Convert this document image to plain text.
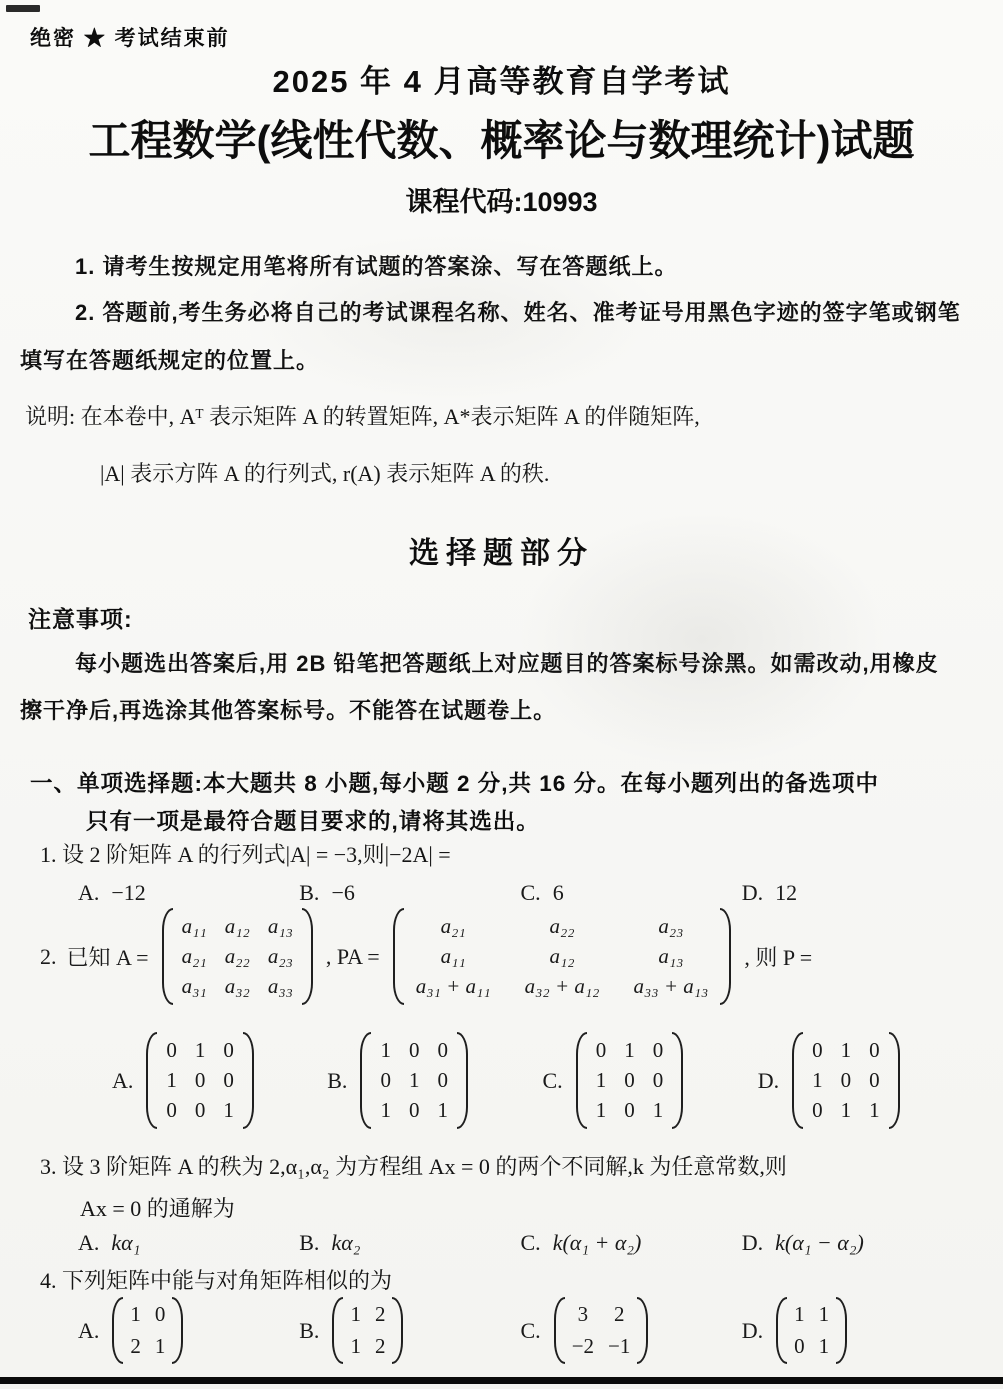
绝密 ★ 考试结束前
2025 年 4 月高等教育自学考试
工程数学(线性代数、概率论与数理统计)试题
课程代码:10993
1. 请考生按规定用笔将所有试题的答案涂、写在答题纸上。
2. 答题前,考生务必将自己的考试课程名称、姓名、准考证号用黑色字迹的签字笔或钢笔
填写在答题纸规定的位置上。
说明: 在本卷中, Aᵀ 表示矩阵 A 的转置矩阵, A*表示矩阵 A 的伴随矩阵,
|A| 表示方阵 A 的行列式, r(A) 表示矩阵 A 的秩.
选择题部分
注意事项:
每小题选出答案后,用 2B 铅笔把答题纸上对应题目的答案标号涂黑。如需改动,用橡皮
擦干净后,再选涂其他答案标号。不能答在试题卷上。
一、单项选择题:本大题共 8 小题,每小题 2 分,共 16 分。在每小题列出的备选项中
只有一项是最符合题目要求的,请将其选出。
1. 设 2 阶矩阵 A 的行列式|A| = −3,则|−2A| =
A. −12	B. −6	C. 6	D. 12
2. 已知 A =
a₁₁ a₁₂ a₁₃
a₂₁ a₂₂ a₂₃
a₃₁ a₃₂ a₃₃
, PA =
a₂₁	a₂₂	a₂₃
a₁₁	a₁₂	a₁₃
a₃₁ + a₁₁ a₃₂ + a₁₂ a₃₃ + a₁₃
, 则 P =
A.
0 1 0
1 0 0
0 0 1
B.
1 0 0
0 1 0
1 0 1
C.
0 1 0
1 0 0
1 0 1
D.
0 1 0
1 0 0
0 1 1
3. 设 3 阶矩阵 A 的秩为 2,α₁,α₂ 为方程组 Ax = 0 的两个不同解,k 为任意常数,则
Ax = 0 的通解为
A. kα₁	B. kα₂	C. k(α₁ + α₂)	D. k(α₁ − α₂)
4. 下列矩阵中能与对角矩阵相似的为
A.
1 0
2 1
B.
1 2
1 2
C.
3 2
−2 −1
D.
1 1
0 1
